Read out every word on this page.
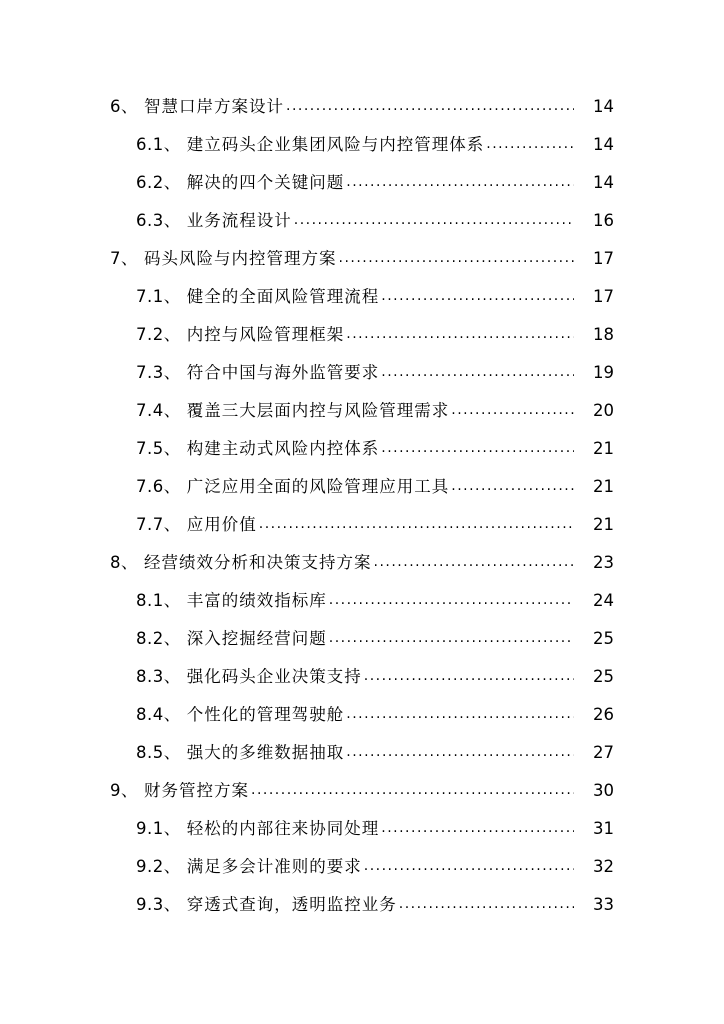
6、 智慧口岸方案设计 .....	14
6.1、 建立码头企业集团风险与内控管理体系 .....	14
6.2、 解决的四个关键问题 .....	14
6.3、 业务流程设计 .....	16
7、 码头风险与内控管理方案 .....	17
7.1、 健全的全面风险管理流程 .....	17
7.2、 内控与风险管理框架 .....	18
7.3、 符合中国与海外监管要求 .....	19
7.4、 覆盖三大层面内控与风险管理需求 .....	20
7.5、 构建主动式风险内控体系 .....	21
7.6、 广泛应用全面的风险管理应用工具 .....	21
7.7、 应用价值 .....	21
8、 经营绩效分析和决策支持方案 .....	23
8.1、 丰富的绩效指标库 .....	24
8.2、 深入挖掘经营问题 .....	25
8.3、 强化码头企业决策支持 .....	25
8.4、 个性化的管理驾驶舱 .....	26
8.5、 强大的多维数据抽取 .....	27
9、 财务管控方案 .....	30
9.1、 轻松的内部往来协同处理 .....	31
9.2、 满足多会计准则的要求 .....	32
9.3、 穿透式查询，透明监控业务 .....	33
